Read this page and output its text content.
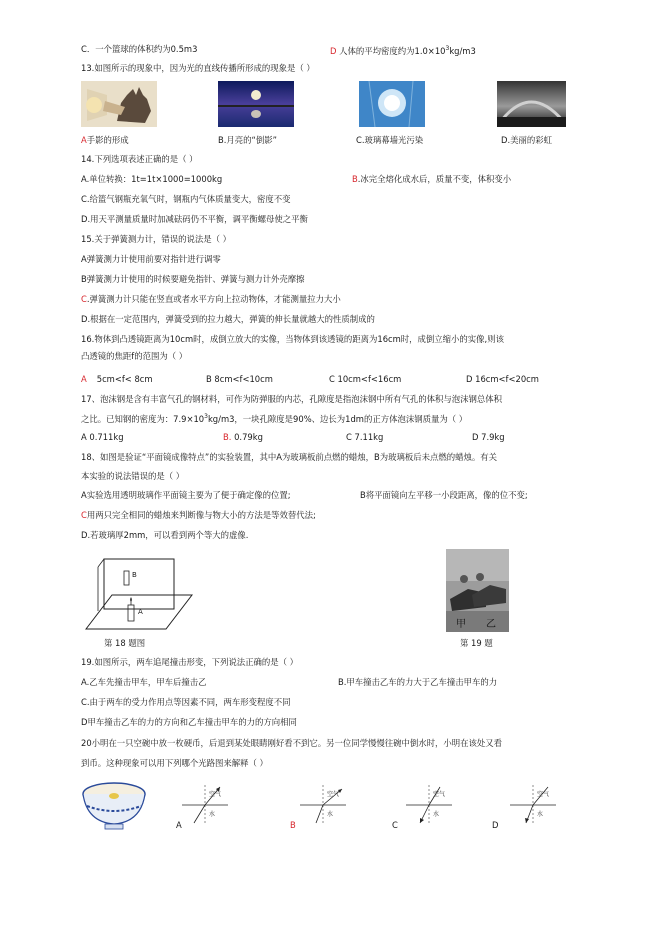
C．一个篮球的体积约为0.5m3	D 人体的平均密度约为$1.0\times 10^3kg/m3$
13.如图所示的现象中，因为光的直线传播所形成的现象是（ ）
A手影的形成	B.月亮的“倒影”	C.玻璃幕墙光污染	D.美丽的彩虹
14.下列选项表述正确的是（ ）
A.单位转换：1t=1t×1000=1000kg	B.冰完全熔化成水后，质量不变，体积变小
C.给篮气钢瓶充氧气时，钢瓶内气体质量变大，密度不变
D.用天平测量质量时加减砝码仍不平衡，调平衡螺母使之平衡
15.关于弹簧测力计，错误的说法是（ ）
A弹簧测力计使用前要对指针进行调零
B弹簧测力计使用的时候要避免指针、弹簧与测力计外壳摩擦
C.弹簧测力计只能在竖直或者水平方向上拉动物体，才能测量拉力大小
D.根据在一定范围内，弹簧受到的拉力越大，弹簧的伸长量就越大的性质制成的
16.物体到凸透镜距离为10cm时，成倒立放大的实像，当物体到该透镜的距离为16cm时，成倒立缩小的实像,则该
凸透镜的焦距f的范围为（ ）
A 5cm<f< 8cm	B 8cm<f<10cm	C 10cm<f<16cm	D 16cm<f<20cm
17、泡沫钢是含有丰富气孔的钢材料，可作为防弹服的内芯，孔隙度是指泡沫钢中所有气孔的体积与泡沫钢总体积
之比。已知钢的密度为：$7.9\times 10^3kg/m3$，一块孔隙度是90%、边长为1dm的正方体泡沫钢质量为（ ）
A 0.711kg	B. 0.79kg	C 7.11kg	D 7.9kg
18、如图是验证“平面镜成像特点”的实验装置，其中A为玻璃板前点燃的蜡烛，B为玻璃板后未点燃的蜡烛。有关
本实验的说法错误的是（ ）
A实验选用透明玻璃作平面镜主要为了便于确定像的位置;	B将平面镜向左平移一小段距离，像的位不变;
C用两只完全相同的蜡烛来判断像与物大小的方法是等效替代法;
D.若玻璃厚2mm，可以看到两个等大的虚像.
B
A
第 18 题图
甲 乙
第 19 题
19.如图所示，两车追尾撞击形变，下列说法正确的是（ ）
A.乙车先撞击甲车，甲车后撞击乙	B.甲车撞击乙车的力大于乙车撞击甲车的力
C.由于两车的受力作用点等因素不同，两车形变程度不同
D甲车撞击乙车的力的方向和乙车撞击甲车的力的方向相同
20小明在一只空碗中放一枚硬币，后退到某处眼睛刚好看不到它。另一位同学慢慢往碗中倒水时，小明在该处又看
到币。这种现象可以用下列哪个光路图来解释（ ）
空气
水
A
空气
水
B
空气
水
C
空气
水
D
